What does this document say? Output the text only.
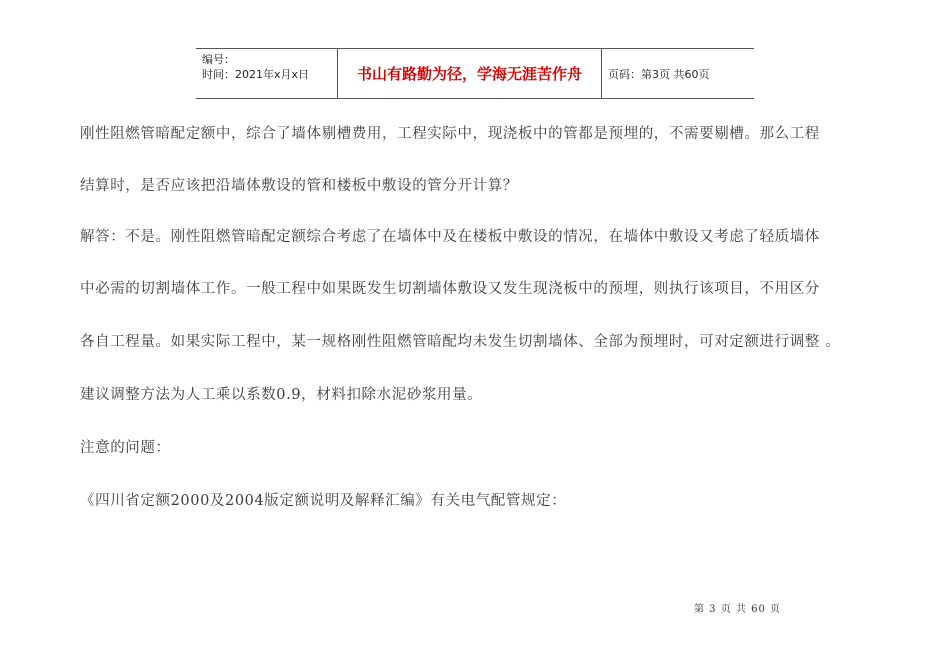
编号：
时间：2021年x月x日	书山有路勤为径，学海无涯苦作舟	页码：第3页 共60页
刚性阻燃管暗配定额中，综合了墙体剔槽费用，工程实际中，现浇板中的管都是预埋的，不需要剔槽。那么工程
结算时，是否应该把沿墙体敷设的管和楼板中敷设的管分开计算？
解答：不是。刚性阻燃管暗配定额综合考虑了在墙体中及在楼板中敷设的情况，在墙体中敷设又考虑了轻质墙体
中必需的切割墙体工作。一般工程中如果既发生切割墙体敷设又发生现浇板中的预埋，则执行该项目，不用区分
各自工程量。如果实际工程中，某一规格刚性阻燃管暗配均未发生切割墙体、全部为预埋时，可对定额进行调整 。
建议调整方法为人工乘以系数0.9，材料扣除水泥砂浆用量。
注意的问题：
《四川省定额2000及2004版定额说明及解释汇编》有关电气配管规定：
第 3 页 共 60 页
